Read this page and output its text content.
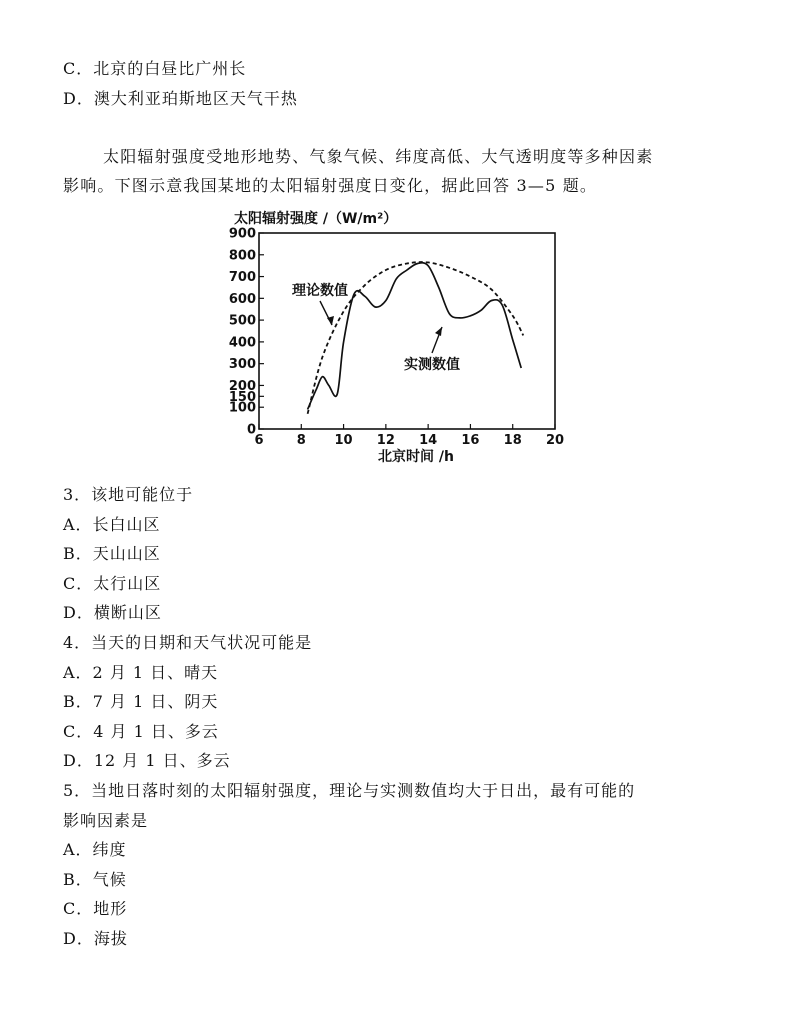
C．北京的白昼比广州长
D．澳大利亚珀斯地区天气干热
太阳辐射强度受地形地势、气象气候、纬度高低、大气透明度等多种因素
影响。下图示意我国某地的太阳辐射强度日变化，据此回答 3—5 题。
太阳辐射强度 /（W/m²）
6	8 10 12 14 16 18 20
0
100
150
200
300
400
500
600
700
800
900
理论数值
实测数值
北京时间 /h
3．该地可能位于
A．长白山区
B．天山山区
C．太行山区
D．横断山区
4．当天的日期和天气状况可能是
A．2 月 1 日、晴天
B．7 月 1 日、阴天
C．4 月 1 日、多云
D．12 月 1 日、多云
5．当地日落时刻的太阳辐射强度，理论与实测数值均大于日出，最有可能的
影响因素是
A．纬度
B．气候
C．地形
D．海拔
